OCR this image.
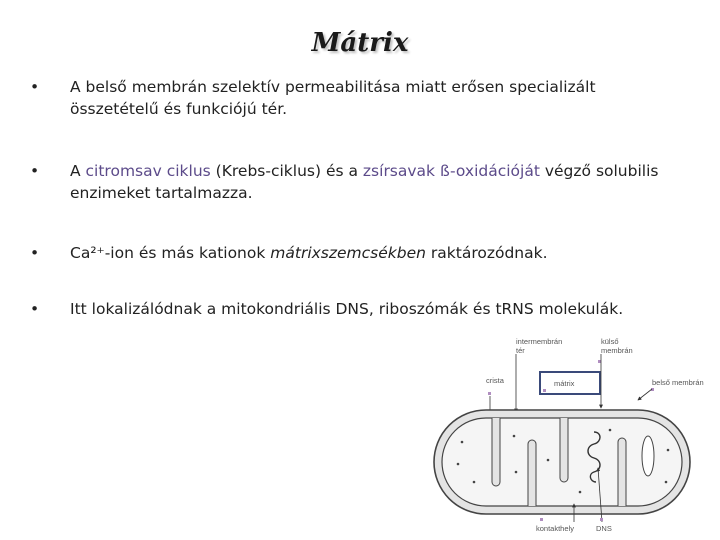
Mátrix
• A belső membrán szelektív permeabilitása miatt erősen specializált összetételű és funkciójú tér.
• A citromsav ciklus (Krebs-ciklus) és a zsírsavak ß-oxidációját végző solubilis enzimeket tartalmazza.
• Ca²⁺-ion és más kationok mátrixszemcsékben raktározódnak.
• Itt lokalizálódnak a mitokondriális DNS, riboszómák és tRNS molekulák.
intermembrán
tér
külső
membrán
crista	mátrix	belső membrán
kontakthely	DNS
